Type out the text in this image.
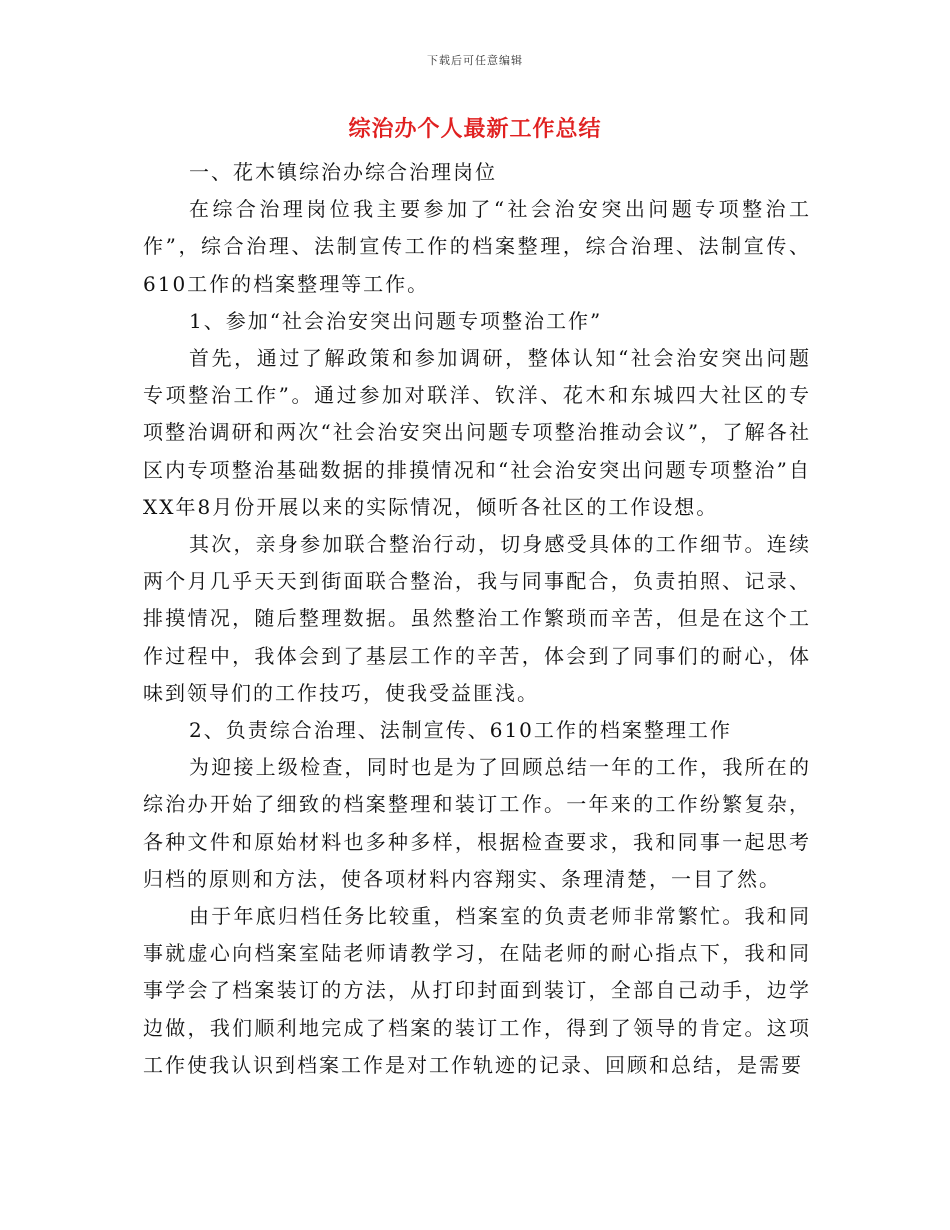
下载后可任意编辑
综治办个人最新工作总结

一、花木镇综治办综合治理岗位

在综合治理岗位我主要参加了“社会治安突出问题专项整治工作”，综合治理、法制宣传工作的档案整理，综合治理、法制宣传、610工作的档案整理等工作。

1、参加“社会治安突出问题专项整治工作”

首先，通过了解政策和参加调研，整体认知“社会治安突出问题专项整治工作”。通过参加对联洋、钦洋、花木和东城四大社区的专项整治调研和两次“社会治安突出问题专项整治推动会议”，了解各社区内专项整治基础数据的排摸情况和“社会治安突出问题专项整治”自XX年8月份开展以来的实际情况，倾听各社区的工作设想。

其次，亲身参加联合整治行动，切身感受具体的工作细节。连续两个月几乎天天到街面联合整治，我与同事配合，负责拍照、记录、排摸情况，随后整理数据。虽然整治工作繁琐而辛苦，但是在这个工作过程中，我体会到了基层工作的辛苦，体会到了同事们的耐心，体味到领导们的工作技巧，使我受益匪浅。

2、负责综合治理、法制宣传、610工作的档案整理工作

为迎接上级检查，同时也是为了回顾总结一年的工作，我所在的综治办开始了细致的档案整理和装订工作。一年来的工作纷繁复杂，各种文件和原始材料也多种多样，根据检查要求，我和同事一起思考归档的原则和方法，使各项材料内容翔实、条理清楚，一目了然。

由于年底归档任务比较重，档案室的负责老师非常繁忙。我和同事就虚心向档案室陆老师请教学习，在陆老师的耐心指点下，我和同事学会了档案装订的方法，从打印封面到装订，全部自己动手，边学边做，我们顺利地完成了档案的装订工作，得到了领导的肯定。这项工作使我认识到档案工作是对工作轨迹的记录、回顾和总结，是需要
